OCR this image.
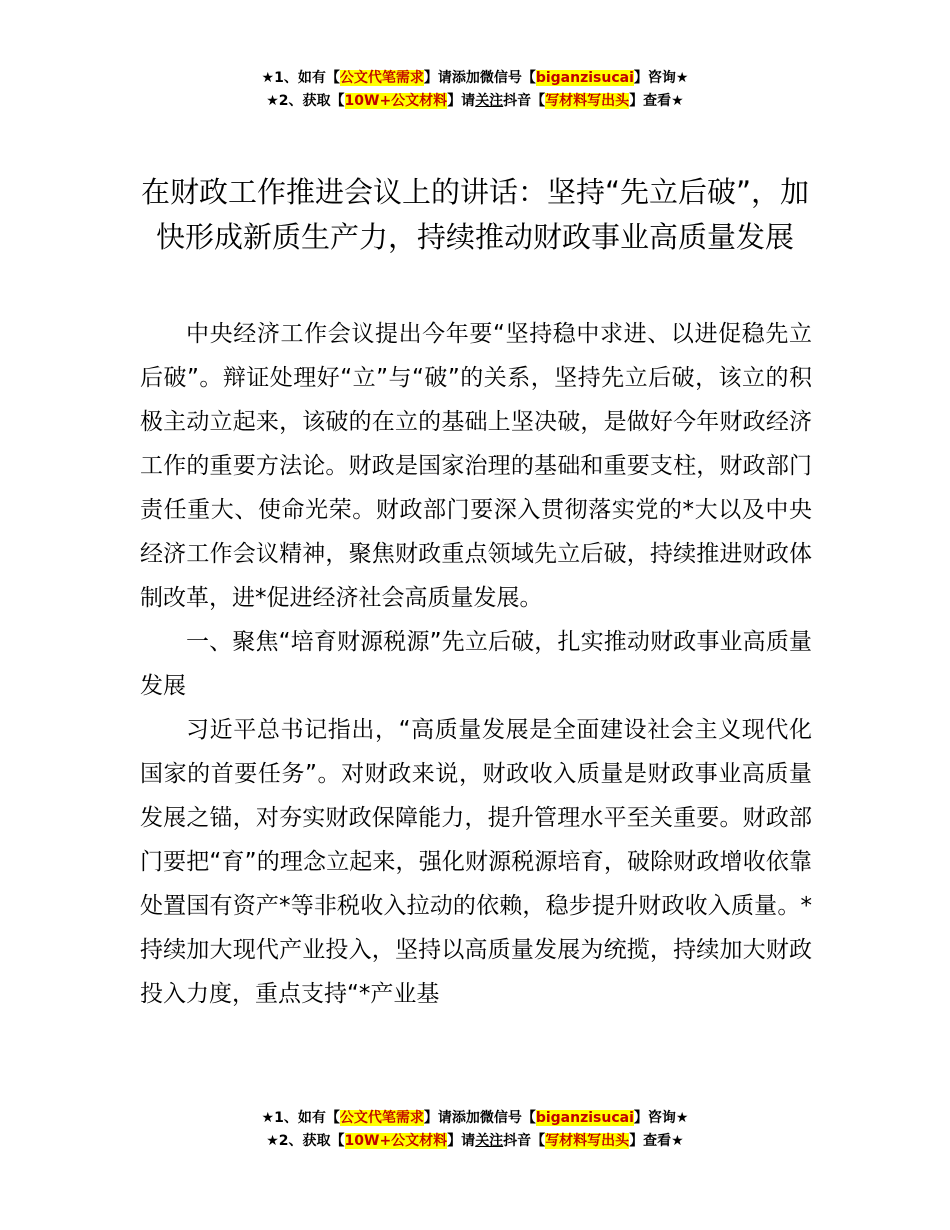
★1、如有【公文代笔需求】请添加微信号【biganzisucai】咨询★
★2、获取【10W+公文材料】请关注抖音【写材料写出头】查看★
在财政工作推进会议上的讲话：坚持“先立后破”，加快形成新质生产力，持续推动财政事业高质量发展

中央经济工作会议提出今年要“坚持稳中求进、以进促稳先立后破”。辩证处理好“立”与“破”的关系，坚持先立后破，该立的积极主动立起来，该破的在立的基础上坚决破，是做好今年财政经济工作的重要方法论。财政是国家治理的基础和重要支柱，财政部门责任重大、使命光荣。财政部门要深入贯彻落实党的*大以及中央经济工作会议精神，聚焦财政重点领域先立后破，持续推进财政体制改革，进*促进经济社会高质量发展。

一、聚焦“培育财源税源”先立后破，扎实推动财政事业高质量发展

习近平总书记指出，“高质量发展是全面建设社会主义现代化国家的首要任务”。对财政来说，财政收入质量是财政事业高质量发展之锚，对夯实财政保障能力，提升管理水平至关重要。财政部门要把“育”的理念立起来，强化财源税源培育，破除财政增收依靠处置国有资产*等非税收入拉动的依赖，稳步提升财政收入质量。*持续加大现代产业投入，坚持以高质量发展为统揽，持续加大财政投入力度，重点支持“*产业基

★1、如有【公文代笔需求】请添加微信号【biganzisucai】咨询★
★2、获取【10W+公文材料】请关注抖音【写材料写出头】查看★
